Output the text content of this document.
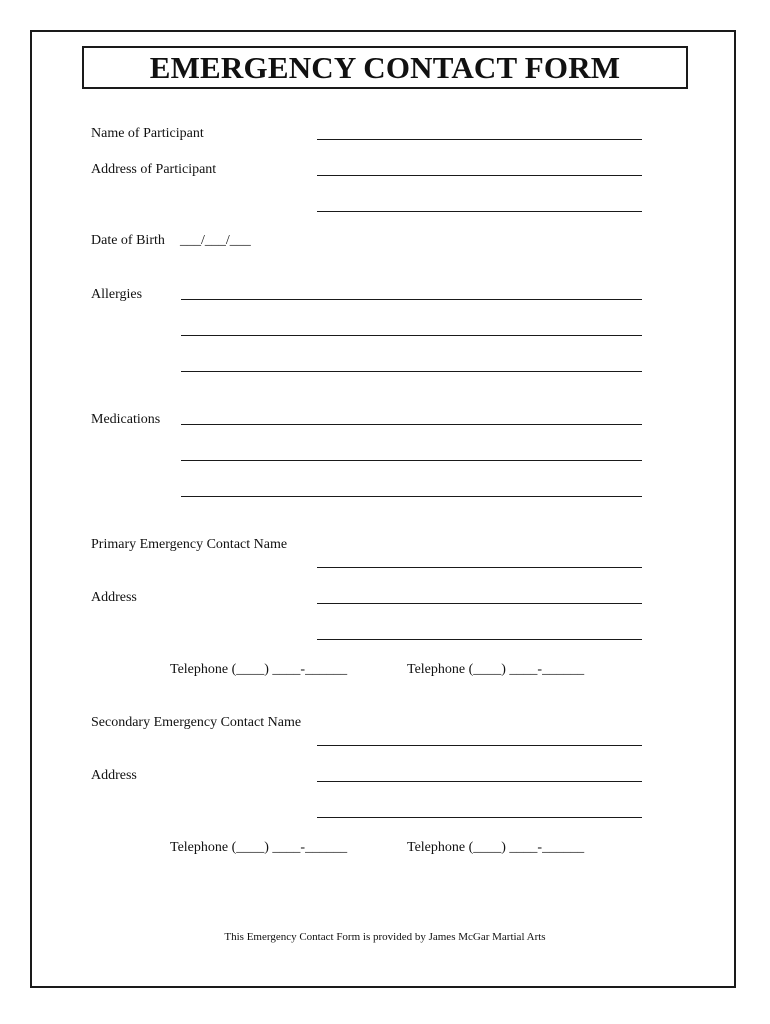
EMERGENCY CONTACT FORM
Name of Participant
Address of Participant
Date of Birth ___/___/___
Allergies
Medications
Primary Emergency Contact Name
Address
Telephone (____) ____-______	Telephone (____) ____-______
Secondary Emergency Contact Name
Address
Telephone (____) ____-______	Telephone (____) ____-______
This Emergency Contact Form is provided by James McGar Martial Arts
